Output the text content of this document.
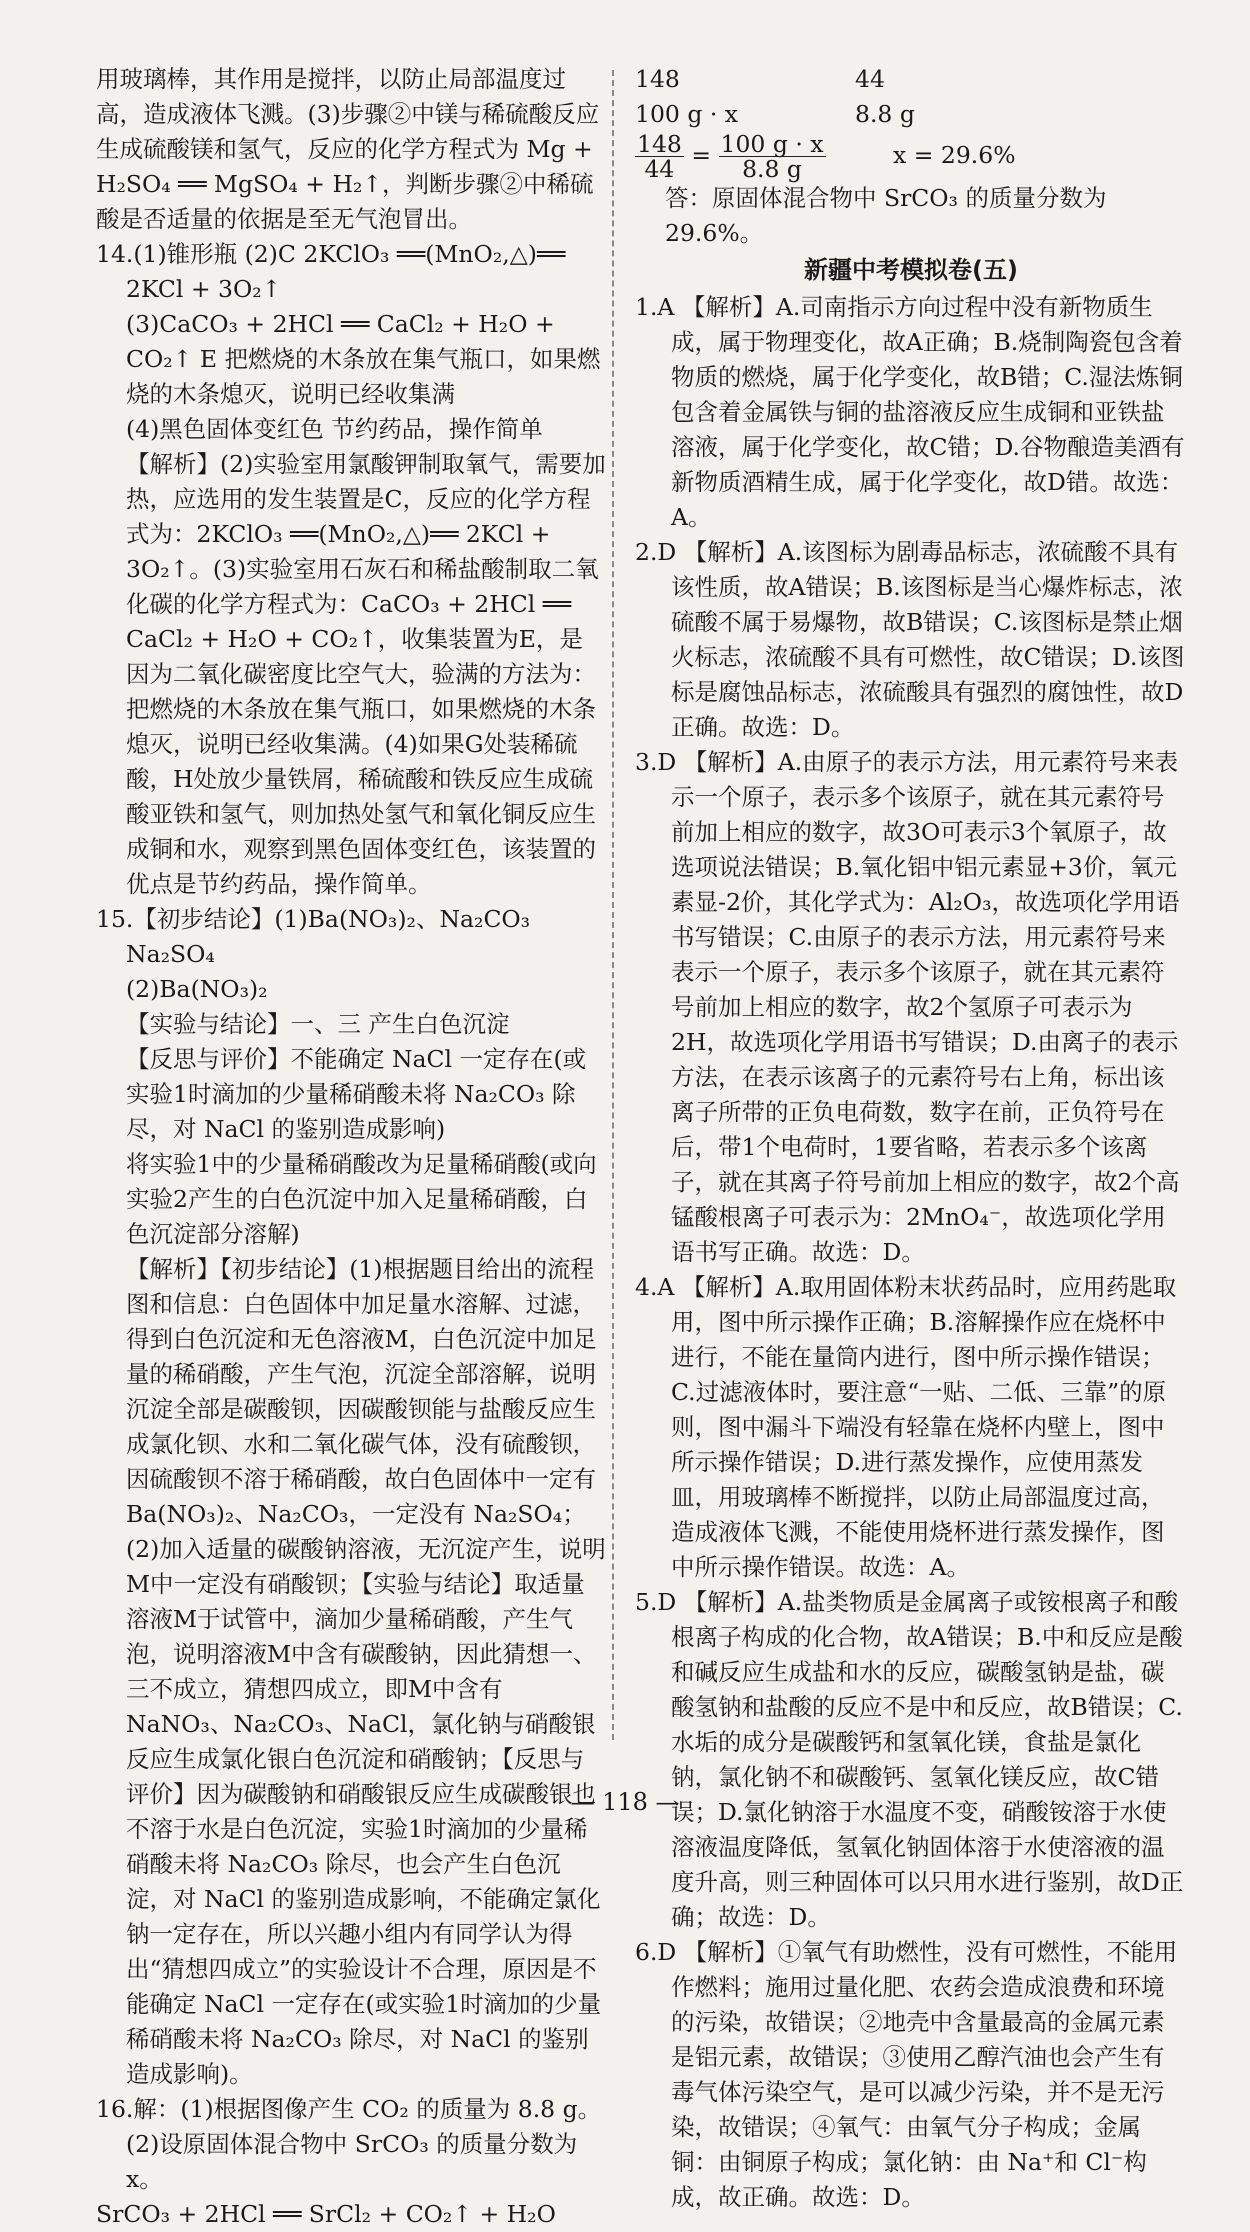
用玻璃棒，其作用是搅拌，以防止局部温度过高，造成液体飞溅。(3)步骤②中镁与稀硫酸反应生成硫酸镁和氢气，反应的化学方程式为 Mg + H₂SO₄ ══ MgSO₄ + H₂↑，判断步骤②中稀硫酸是否适量的依据是至无气泡冒出。

14.(1)锥形瓶 (2)C 2KClO₃ ══(MnO₂,△)══ 2KCl + 3O₂↑

(3)CaCO₃ + 2HCl ══ CaCl₂ + H₂O + CO₂↑ E 把燃烧的木条放在集气瓶口，如果燃烧的木条熄灭，说明已经收集满

(4)黑色固体变红色 节约药品，操作简单

【解析】(2)实验室用氯酸钾制取氧气，需要加热，应选用的发生装置是C，反应的化学方程式为：2KClO₃ ══(MnO₂,△)══ 2KCl + 3O₂↑。(3)实验室用石灰石和稀盐酸制取二氧化碳的化学方程式为：CaCO₃ + 2HCl ══ CaCl₂ + H₂O + CO₂↑，收集装置为E，是因为二氧化碳密度比空气大，验满的方法为：把燃烧的木条放在集气瓶口，如果燃烧的木条熄灭，说明已经收集满。(4)如果G处装稀硫酸，H处放少量铁屑，稀硫酸和铁反应生成硫酸亚铁和氢气，则加热处氢气和氧化铜反应生成铜和水，观察到黑色固体变红色，该装置的优点是节约药品，操作简单。

15.【初步结论】(1)Ba(NO₃)₂、Na₂CO₃ Na₂SO₄

(2)Ba(NO₃)₂

【实验与结论】一、三 产生白色沉淀

【反思与评价】不能确定 NaCl 一定存在(或实验1时滴加的少量稀硝酸未将 Na₂CO₃ 除尽，对 NaCl 的鉴别造成影响)

将实验1中的少量稀硝酸改为足量稀硝酸(或向实验2产生的白色沉淀中加入足量稀硝酸，白色沉淀部分溶解)

【解析】【初步结论】(1)根据题目给出的流程图和信息：白色固体中加足量水溶解、过滤，得到白色沉淀和无色溶液M，白色沉淀中加足量的稀硝酸，产生气泡，沉淀全部溶解，说明沉淀全部是碳酸钡，因碳酸钡能与盐酸反应生成氯化钡、水和二氧化碳气体，没有硫酸钡，因硫酸钡不溶于稀硝酸，故白色固体中一定有 Ba(NO₃)₂、Na₂CO₃，一定没有 Na₂SO₄；(2)加入适量的碳酸钠溶液，无沉淀产生，说明M中一定没有硝酸钡；【实验与结论】取适量溶液M于试管中，滴加少量稀硝酸，产生气泡，说明溶液M中含有碳酸钠，因此猜想一、三不成立，猜想四成立，即M中含有 NaNO₃、Na₂CO₃、NaCl，氯化钠与硝酸银反应生成氯化银白色沉淀和硝酸钠；【反思与评价】因为碳酸钠和硝酸银反应生成碳酸银也不溶于水是白色沉淀，实验1时滴加的少量稀硝酸未将 Na₂CO₃ 除尽，也会产生白色沉淀，对 NaCl 的鉴别造成影响，不能确定氯化钠一定存在，所以兴趣小组内有同学认为得出“猜想四成立”的实验设计不合理，原因是不能确定 NaCl 一定存在(或实验1时滴加的少量稀硝酸未将 Na₂CO₃ 除尽，对 NaCl 的鉴别造成影响)。

16.解：(1)根据图像产生 CO₂ 的质量为 8.8 g。

(2)设原固体混合物中 SrCO₃ 的质量分数为 x。

SrCO₃ + 2HCl ══ SrCl₂ + CO₂↑ + H₂O

148	44
100 g · x	8.8 g

$\frac{148}{44} = \frac{100 g \cdot x}{8.8 g}$	x = 29.6%

答：原固体混合物中 SrCO₃ 的质量分数为 29.6%。

新疆中考模拟卷(五)

1.A 【解析】A.司南指示方向过程中没有新物质生成，属于物理变化，故A正确；B.烧制陶瓷包含着物质的燃烧，属于化学变化，故B错；C.湿法炼铜包含着金属铁与铜的盐溶液反应生成铜和亚铁盐溶液，属于化学变化，故C错；D.谷物酿造美酒有新物质酒精生成，属于化学变化，故D错。故选：A。

2.D 【解析】A.该图标为剧毒品标志，浓硫酸不具有该性质，故A错误；B.该图标是当心爆炸标志，浓硫酸不属于易爆物，故B错误；C.该图标是禁止烟火标志，浓硫酸不具有可燃性，故C错误；D.该图标是腐蚀品标志，浓硫酸具有强烈的腐蚀性，故D正确。故选：D。

3.D 【解析】A.由原子的表示方法，用元素符号来表示一个原子，表示多个该原子，就在其元素符号前加上相应的数字，故3O可表示3个氧原子，故选项说法错误；B.氧化铝中铝元素显+3价，氧元素显-2价，其化学式为：Al₂O₃，故选项化学用语书写错误；C.由原子的表示方法，用元素符号来表示一个原子，表示多个该原子，就在其元素符号前加上相应的数字，故2个氢原子可表示为2H，故选项化学用语书写错误；D.由离子的表示方法，在表示该离子的元素符号右上角，标出该离子所带的正负电荷数，数字在前，正负符号在后，带1个电荷时，1要省略，若表示多个该离子，就在其离子符号前加上相应的数字，故2个高锰酸根离子可表示为：2MnO₄⁻，故选项化学用语书写正确。故选：D。

4.A 【解析】A.取用固体粉末状药品时，应用药匙取用，图中所示操作正确；B.溶解操作应在烧杯中进行，不能在量筒内进行，图中所示操作错误；C.过滤液体时，要注意“一贴、二低、三靠”的原则，图中漏斗下端没有轻靠在烧杯内壁上，图中所示操作错误；D.进行蒸发操作，应使用蒸发皿，用玻璃棒不断搅拌，以防止局部温度过高，造成液体飞溅，不能使用烧杯进行蒸发操作，图中所示操作错误。故选：A。

5.D 【解析】A.盐类物质是金属离子或铵根离子和酸根离子构成的化合物，故A错误；B.中和反应是酸和碱反应生成盐和水的反应，碳酸氢钠是盐，碳酸氢钠和盐酸的反应不是中和反应，故B错误；C.水垢的成分是碳酸钙和氢氧化镁，食盐是氯化钠，氯化钠不和碳酸钙、氢氧化镁反应，故C错误；D.氯化钠溶于水温度不变，硝酸铵溶于水使溶液温度降低，氢氧化钠固体溶于水使溶液的温度升高，则三种固体可以只用水进行鉴别，故D正确；故选：D。

6.D 【解析】①氧气有助燃性，没有可燃性，不能用作燃料；施用过量化肥、农药会造成浪费和环境的污染，故错误；②地壳中含量最高的金属元素是铝元素，故错误；③使用乙醇汽油也会产生有毒气体污染空气，是可以减少污染，并不是无污染，故错误；④氧气：由氧气分子构成；金属铜：由铜原子构成；氯化钠：由 Na⁺和 Cl⁻构成，故正确。故选：D。

— 118 —
